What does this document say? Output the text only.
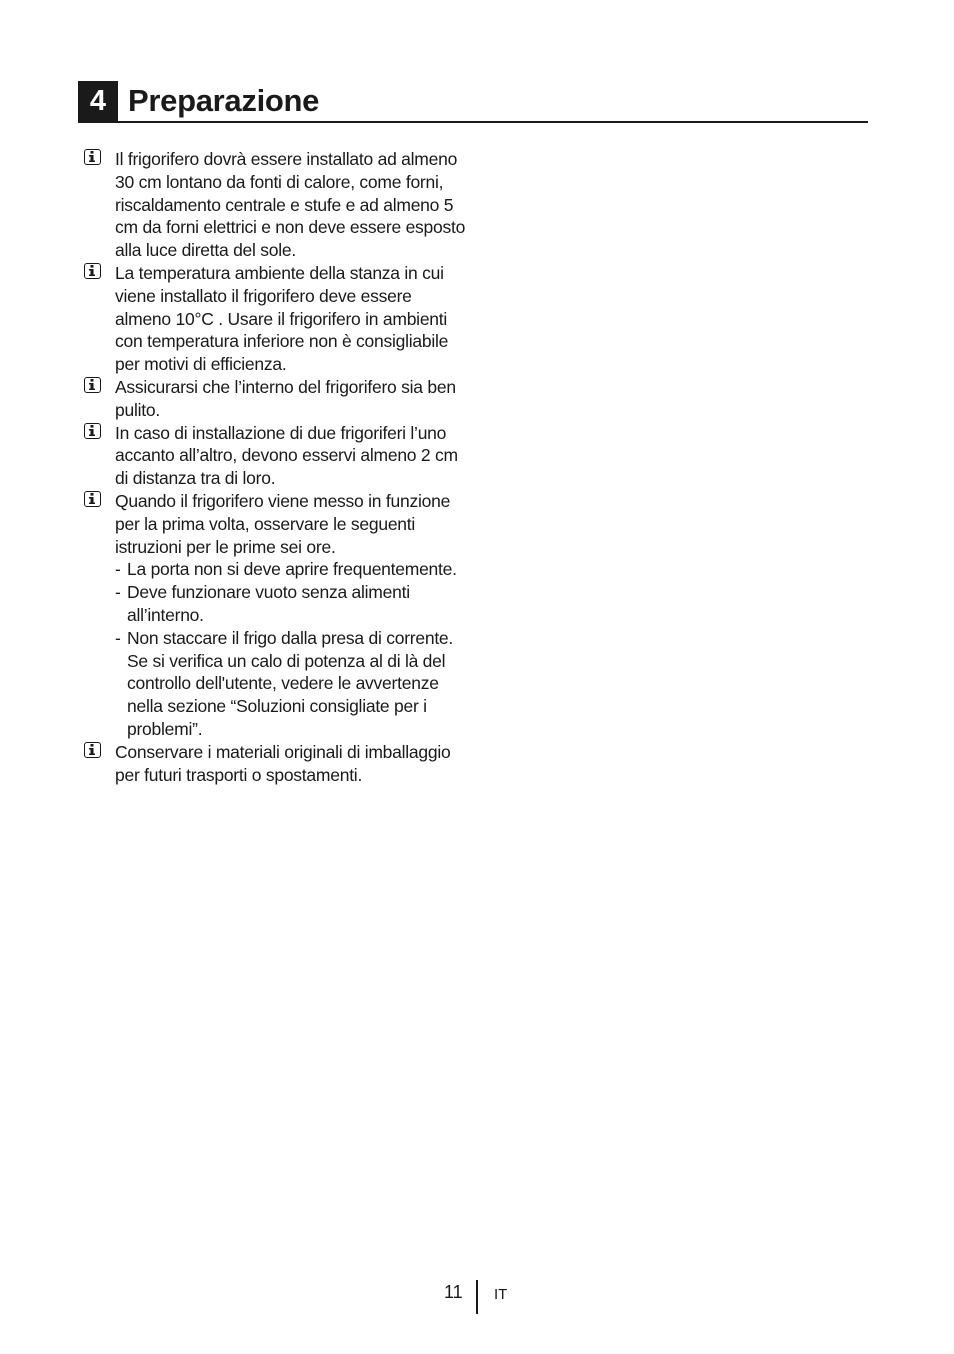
4 Preparazione
Il frigorifero dovrà essere installato ad almeno 30 cm lontano da fonti di calore, come forni, riscaldamento centrale e stufe e ad almeno 5 cm da forni elettrici e non deve essere esposto alla luce diretta del sole.
La temperatura ambiente della stanza in cui viene installato il frigorifero deve essere almeno 10°C . Usare il frigorifero in ambienti con temperatura inferiore non è consigliabile per motivi di efficienza.
Assicurarsi che l’interno del frigorifero sia ben pulito.
In caso di installazione di due frigoriferi l’uno accanto all’altro, devono esservi almeno 2 cm di distanza tra di loro.
Quando il frigorifero viene messo in funzione per la prima volta, osservare le seguenti istruzioni per le prime sei ore.
- La porta non si deve aprire frequentemente.
- Deve funzionare vuoto senza alimenti all’interno.
- Non staccare il frigo dalla presa di corrente. Se si verifica un calo di potenza al di là del controllo dell'utente, vedere le avvertenze nella sezione “Soluzioni consigliate per i problemi”.
Conservare i materiali originali di imballaggio per futuri trasporti o spostamenti.
11 IT
